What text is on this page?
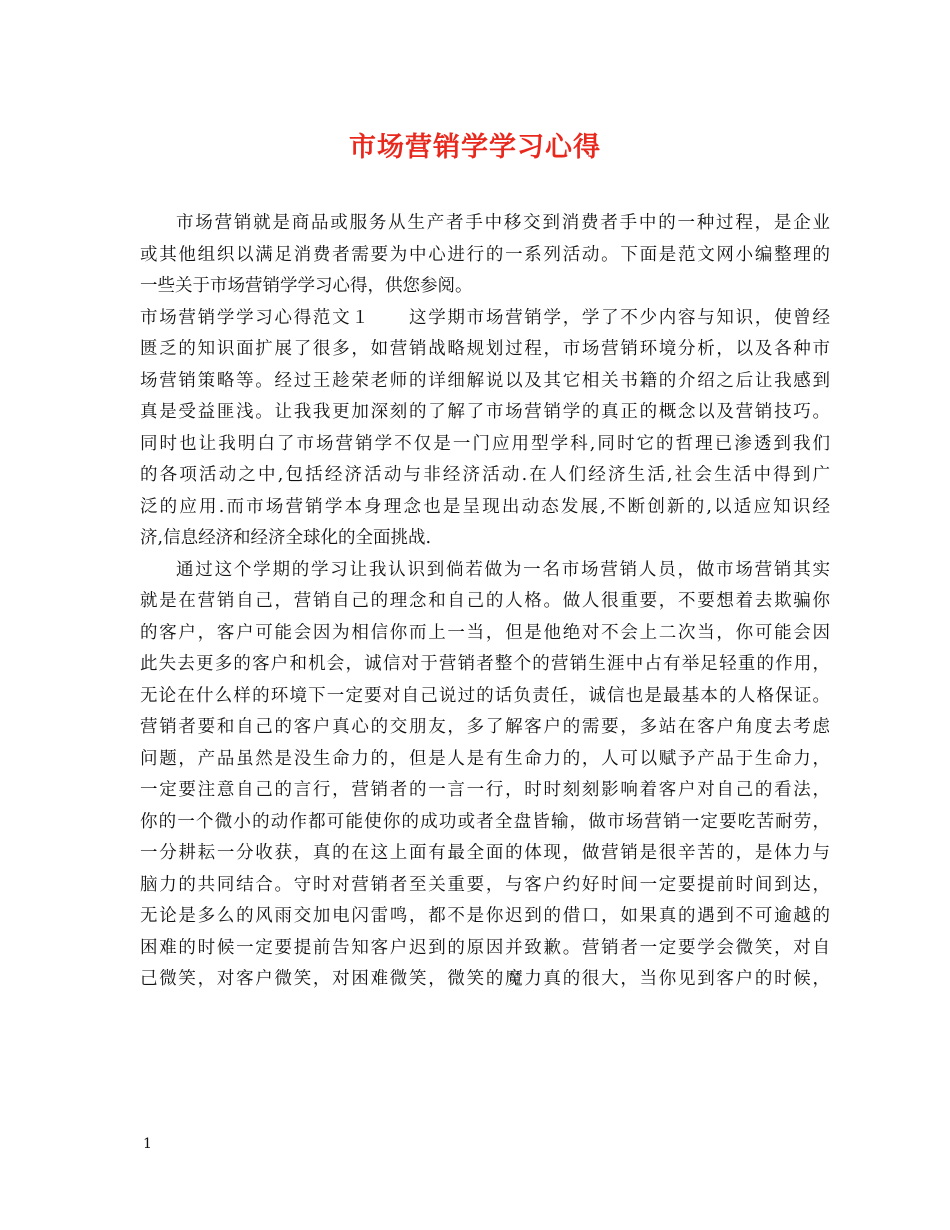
市场营销学学习心得
市场营销就是商品或服务从生产者手中移交到消费者手中的一种过程，是企业
或其他组织以满足消费者需要为中心进行的一系列活动。下面是范文网小编整理的
一些关于市场营销学学习心得，供您参阅。
市场营销学学习心得范文１　　这学期市场营销学，学了不少内容与知识，使曾经
匮乏的知识面扩展了很多，如营销战略规划过程，市场营销环境分析，以及各种市
场营销策略等。经过王趁荣老师的详细解说以及其它相关书籍的介绍之后让我感到
真是受益匪浅。让我我更加深刻的了解了市场营销学的真正的概念以及营销技巧。
同时也让我明白了市场营销学不仅是一门应用型学科,同时它的哲理已渗透到我们
的各项活动之中,包括经济活动与非经济活动.在人们经济生活,社会生活中得到广
泛的应用.而市场营销学本身理念也是呈现出动态发展,不断创新的,以适应知识经
济,信息经济和经济全球化的全面挑战.
通过这个学期的学习让我认识到倘若做为一名市场营销人员，做市场营销其实
就是在营销自己，营销自己的理念和自己的人格。做人很重要，不要想着去欺骗你
的客户，客户可能会因为相信你而上一当，但是他绝对不会上二次当，你可能会因
此失去更多的客户和机会，诚信对于营销者整个的营销生涯中占有举足轻重的作用，
无论在什么样的环境下一定要对自己说过的话负责任，诚信也是最基本的人格保证。
营销者要和自己的客户真心的交朋友，多了解客户的需要，多站在客户角度去考虑
问题，产品虽然是没生命力的，但是人是有生命力的，人可以赋予产品于生命力，
一定要注意自己的言行，营销者的一言一行，时时刻刻影响着客户对自己的看法，
你的一个微小的动作都可能使你的成功或者全盘皆输，做市场营销一定要吃苦耐劳，
一分耕耘一分收获，真的在这上面有最全面的体现，做营销是很辛苦的，是体力与
脑力的共同结合。守时对营销者至关重要，与客户约好时间一定要提前时间到达，
无论是多么的风雨交加电闪雷鸣，都不是你迟到的借口，如果真的遇到不可逾越的
困难的时候一定要提前告知客户迟到的原因并致歉。营销者一定要学会微笑，对自
己微笑，对客户微笑，对困难微笑，微笑的魔力真的很大，当你见到客户的时候，
1
